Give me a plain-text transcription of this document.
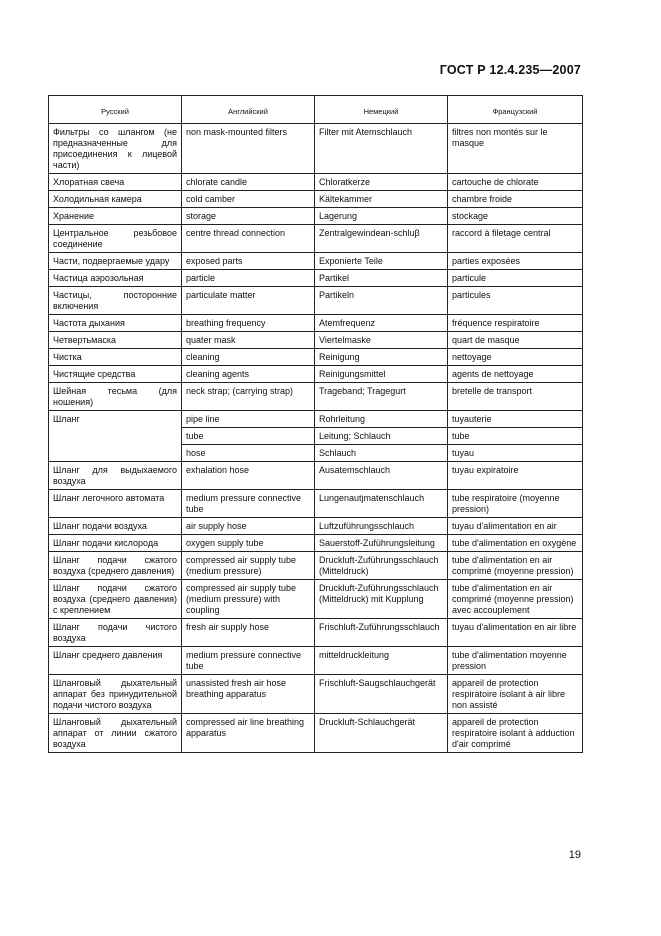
ГОСТ Р 12.4.235—2007
Русский	Английский	Немецкий	Французский
Фильтры со шлангом (не предназначенные для присоединения к лицевой части)	non mask-mounted filters	Filter mit Atemschlauch	filtres non montés sur le masque
Хлоратная свеча	chlorate candle	Chloratkerze	cartouche de chlorate
Холодильная камера	cold camber	Kältekammer	chambre froide
Хранение	storage	Lagerung	stockage
Центральное резьбовое соединение	centre thread connection	Zentralgewindean-schluβ	raccord à filetage central
Части, подвергаемые удару	exposed parts	Exponierte Teile	parties exposées
Частица аэрозольная	particle	Partikel	particule
Частицы, посторонние включения	particulate matter	Partikeln	particules
Частота дыхания	breathing frequency	Atemfrequenz	fréquence respiratoire
Четвертьмаска	quater mask	Viertelmaske	quart de masque
Чистка	cleaning	Reinigung	nettoyage
Чистящие средства	cleaning agents	Reinigungsmittel	agents de nettoyage
Шейная тесьма (для ношения)	neck strap; (carrying strap)	Trageband; Tragegurt	bretelle de transport
Шланг	pipe line	Rohrleitung	tuyauterie
	tube	Leitung; Schlauch	tube
	hose	Schlauch	tuyau
Шланг для выдыхаемого воздуха	exhalation hose	Ausatemschlauch	tuyau expiratoire
Шланг легочного автомата	medium pressure connective tube	Lungenautjmatenschlauch	tube respiratoire (moyenne pression)
Шланг подачи воздуха	air supply hose	Luftzuführungsschlauch	tuyau d'alimentation en air
Шланг подачи кислорода	oxygen supply tube	Sauerstoff-Zuführungsleitung	tube d'alimentation en oxygène
Шланг подачи сжатого воздуха (среднего давления)	compressed air supply tube (medium pressure)	Druckluft-Zuführungsschlauch (Mitteldruck)	tube d'alimentation en air comprimé (moyenne pression)
Шланг подачи сжатого воздуха (среднего давления) с креплением	compressed air supply tube (medium pressure) with coupling	Druckluft-Zuführungsschlauch (Mitteldruck) mit Kupplung	tube d'alimentation en air comprimé (moyenne pression) avec accouplement
Шланг подачи чистого воздуха	fresh air supply hose	Frischluft-Zuführungsschlauch	tuyau d'alimentation en air libre
Шланг среднего давления	medium pressure connective tube	mitteldruckleitung	tube d'alimentation moyenne pression
Шланговый дыхательный аппарат без принудительной подачи чистого воздуха	unassisted fresh air hose breathing apparatus	Frischluft-Saugschlauchgerät	appareil de protection respiratoire isolant à air libre non assisté
Шланговый дыхательный аппарат от линии сжатого воздуха	compressed air line breathing apparatus	Druckluft-Schlauchgerät	appareil de protection respiratoire isolant à adduction d'air comprimé
19
